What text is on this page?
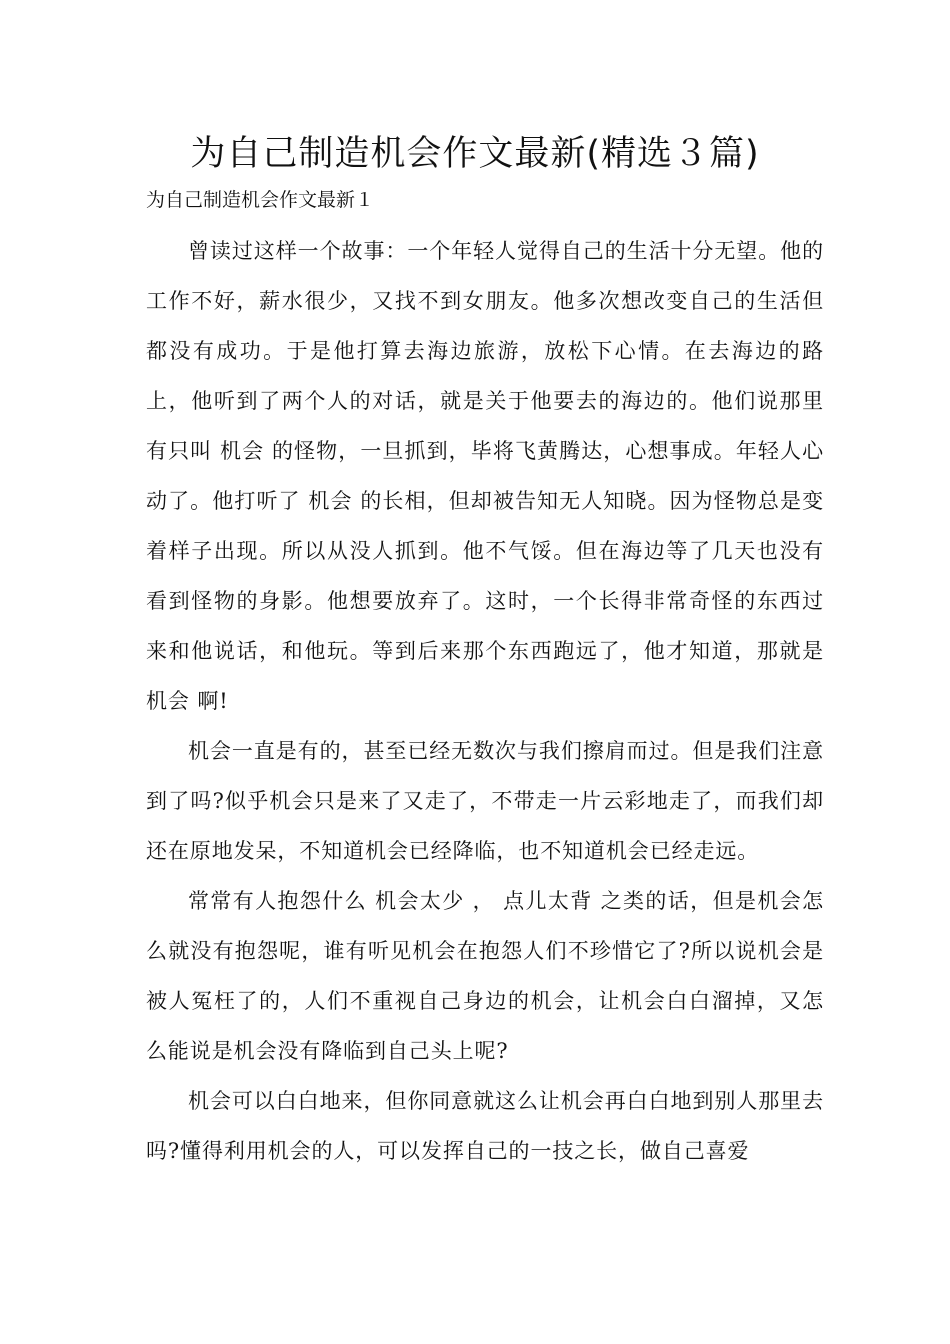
为自己制造机会作文最新(精选３篇)
为自己制造机会作文最新１

曾读过这样一个故事：一个年轻人觉得自己的生活十分无望。他的工作不好，薪水很少，又找不到女朋友。他多次想改变自己的生活但都没有成功。于是他打算去海边旅游，放松下心情。在去海边的路上，他听到了两个人的对话，就是关于他要去的海边的。他们说那里有只叫 机会 的怪物，一旦抓到，毕将飞黄腾达，心想事成。年轻人心动了。他打听了 机会 的长相，但却被告知无人知晓。因为怪物总是变着样子出现。所以从没人抓到。他不气馁。但在海边等了几天也没有看到怪物的身影。他想要放弃了。这时，一个长得非常奇怪的东西过来和他说话，和他玩。等到后来那个东西跑远了，他才知道，那就是 机会 啊!

机会一直是有的，甚至已经无数次与我们擦肩而过。但是我们注意到了吗?似乎机会只是来了又走了，不带走一片云彩地走了，而我们却还在原地发呆，不知道机会已经降临，也不知道机会已经走远。

常常有人抱怨什么 机会太少 ， 点儿太背 之类的话，但是机会怎么就没有抱怨呢，谁有听见机会在抱怨人们不珍惜它了?所以说机会是被人冤枉了的，人们不重视自己身边的机会，让机会白白溜掉，又怎么能说是机会没有降临到自己头上呢?

机会可以白白地来，但你同意就这么让机会再白白地到别人那里去吗?懂得利用机会的人，可以发挥自己的一技之长，做自己喜爱
